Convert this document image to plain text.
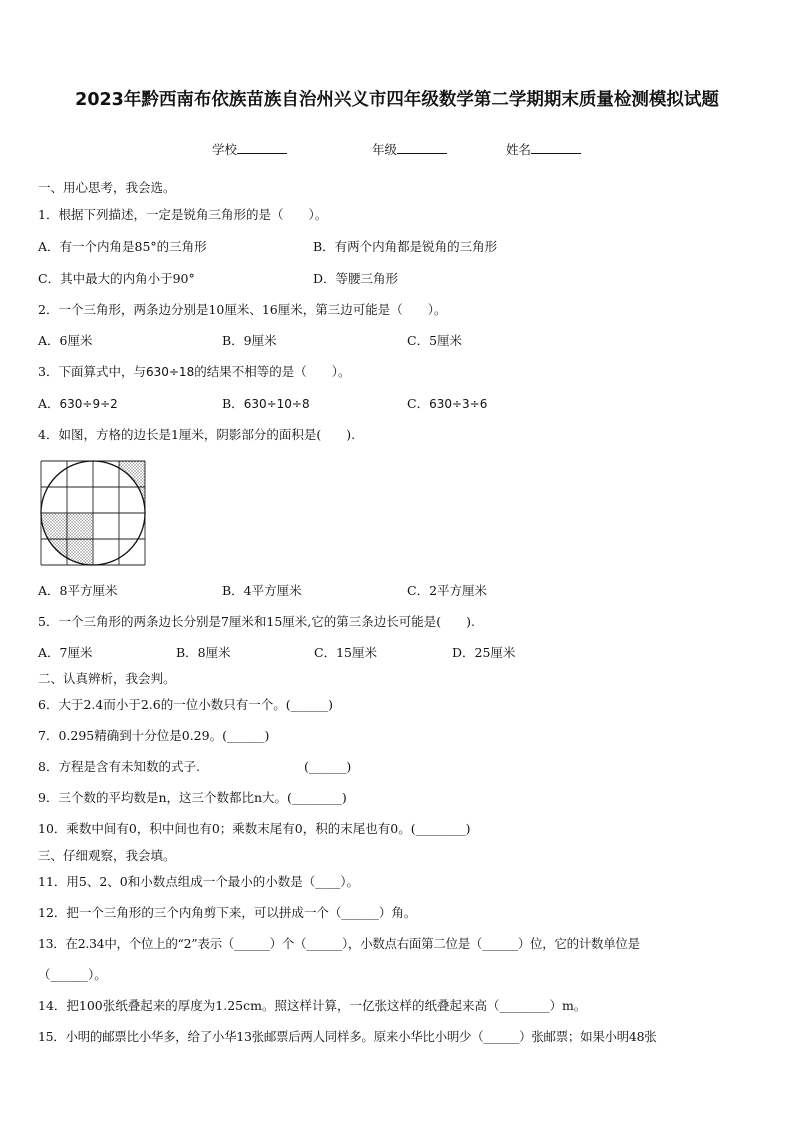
2023年黔西南布依族苗族自治州兴义市四年级数学第二学期期末质量检测模拟试题
学校	年级	姓名
一、用心思考，我会选。
1．根据下列描述，一定是锐角三角形的是（　　）。
A．有一个内角是85°的三角形	B．有两个内角都是锐角的三角形
C．其中最大的内角小于90°	D．等腰三角形
2．一个三角形，两条边分别是10厘米、16厘米，第三边可能是（　　）。
A．6厘米	B．9厘米	C．5厘米
3．下面算式中，与630÷18的结果不相等的是（　　）。
A．630÷9÷2	B．630÷10÷8	C．630÷3÷6
4．如图，方格的边长是1厘米，阴影部分的面积是(　　).
A．8平方厘米	B．4平方厘米	C．2平方厘米
5．一个三角形的两条边长分别是7厘米和15厘米,它的第三条边长可能是(　　).
A．7厘米	B．8厘米	C．15厘米	D．25厘米
二、认真辨析，我会判。
6．大于2.4而小于2.6的一位小数只有一个。(______)
7．0.295精确到十分位是0.29。(______)
8．方程是含有未知数的式子.	(______)
9．三个数的平均数是n，这三个数都比n大。(________)
10．乘数中间有0，积中间也有0；乘数末尾有0，积的末尾也有0。(________)
三、仔细观察，我会填。
11．用5、2、0和小数点组成一个最小的小数是（____）。
12．把一个三角形的三个内角剪下来，可以拼成一个（______）角。
13．在2.34中，个位上的“2”表示（______）个（______），小数点右面第二位是（______）位，它的计数单位是
（______）。
14．把100张纸叠起来的厚度为1.25cm。照这样计算，一亿张这样的纸叠起来高（________）m。
15．小明的邮票比小华多，给了小华13张邮票后两人同样多。原来小华比小明少（______）张邮票；如果小明48张
